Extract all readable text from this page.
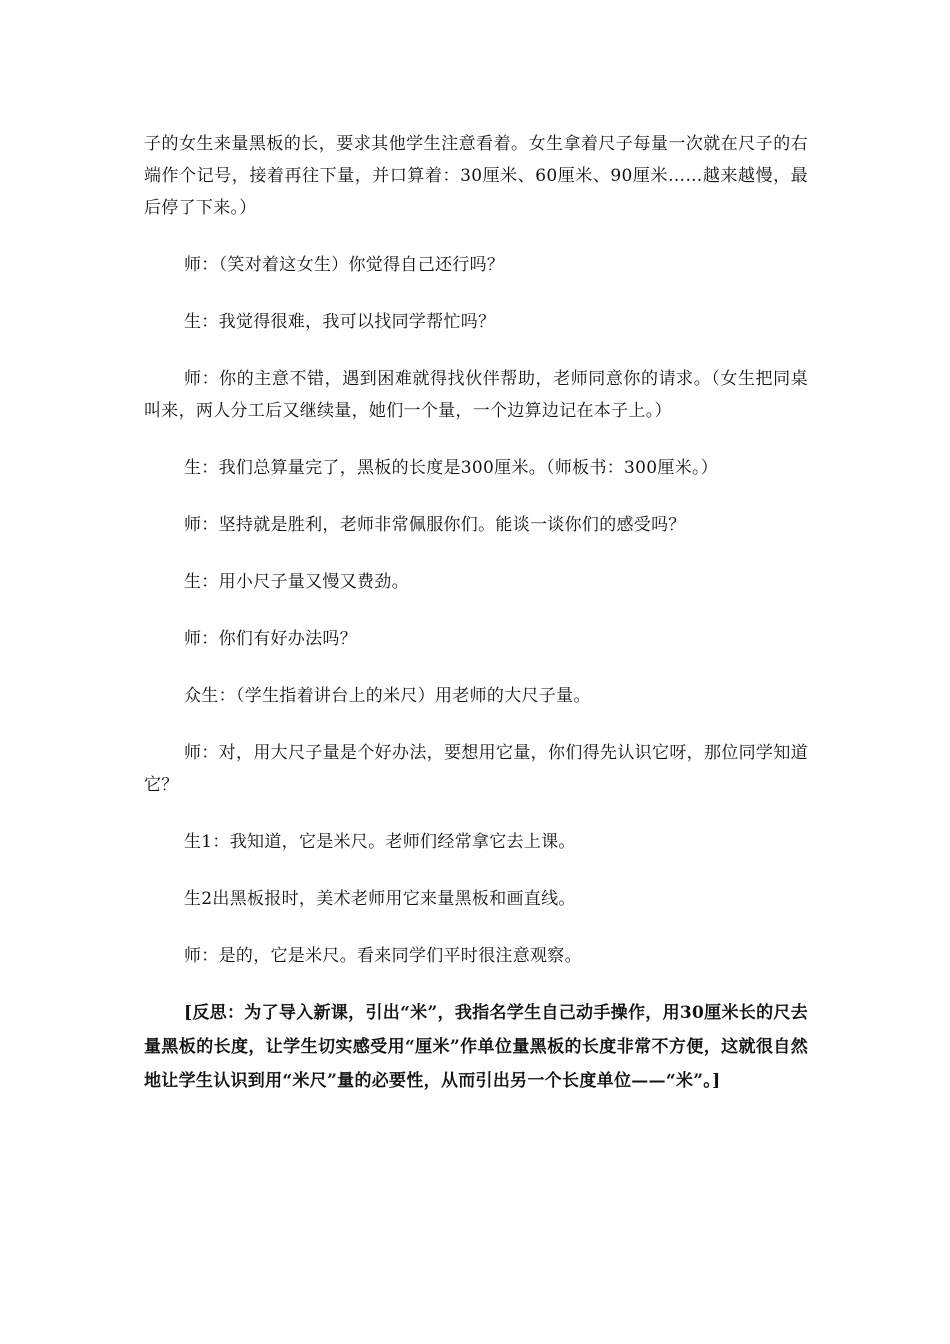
子的女生来量黑板的长，要求其他学生注意看着。女生拿着尺子每量一次就在尺子的右端作个记号，接着再往下量，并口算着：30厘米、60厘米、90厘米……越来越慢，最后停了下来。）

师：（笑对着这女生）你觉得自己还行吗？

生：我觉得很难，我可以找同学帮忙吗？

师：你的主意不错，遇到困难就得找伙伴帮助，老师同意你的请求。（女生把同桌叫来，两人分工后又继续量，她们一个量，一个边算边记在本子上。）

生：我们总算量完了，黑板的长度是300厘米。（师板书：300厘米。）

师：坚持就是胜利，老师非常佩服你们。能谈一谈你们的感受吗？

生：用小尺子量又慢又费劲。

师：你们有好办法吗？

众生：（学生指着讲台上的米尺）用老师的大尺子量。

师：对，用大尺子量是个好办法，要想用它量，你们得先认识它呀，那位同学知道它？

生1：我知道，它是米尺。老师们经常拿它去上课。

生2出黑板报时，美术老师用它来量黑板和画直线。

师：是的，它是米尺。看来同学们平时很注意观察。

[反思：为了导入新课，引出“米”，我指名学生自己动手操作，用30厘米长的尺去量黑板的长度，让学生切实感受用“厘米”作单位量黑板的长度非常不方便，这就很自然地让学生认识到用“米尺”量的必要性，从而引出另一个长度单位——“米”。]
